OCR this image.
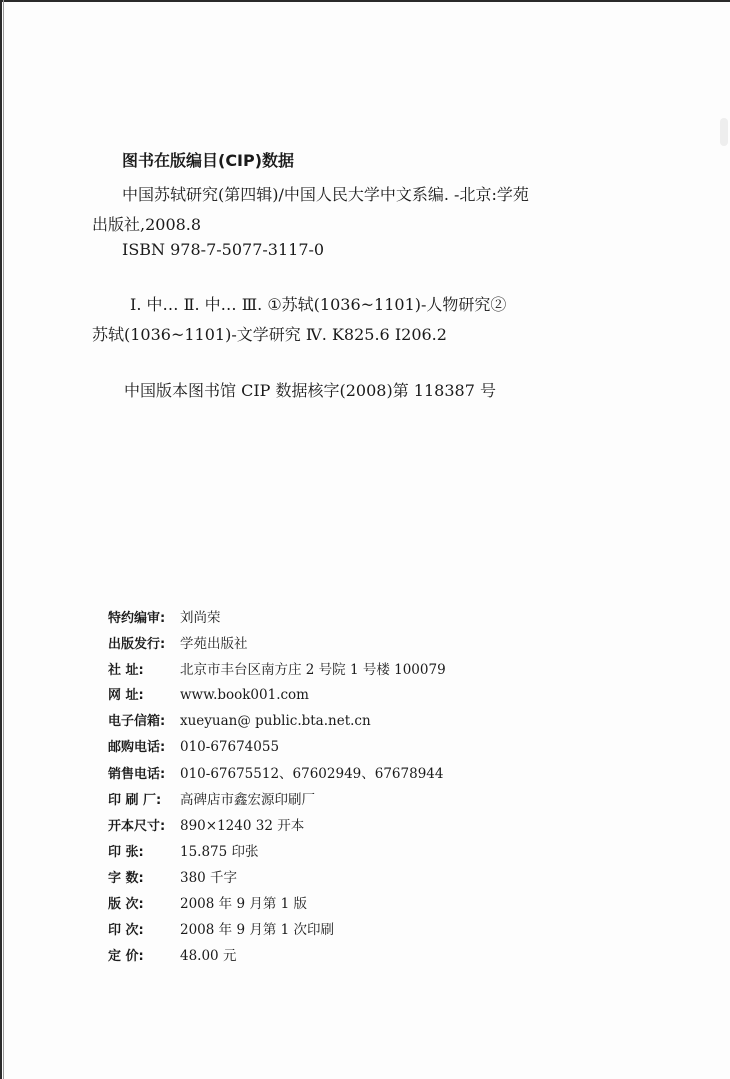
图书在版编目(CIP)数据
中国苏轼研究(第四辑)/中国人民大学中文系编. -北京:学苑
出版社,2008.8
ISBN 978-7-5077-3117-0
Ⅰ. 中… Ⅱ. 中… Ⅲ. ①苏轼(1036~1101)-人物研究②
苏轼(1036~1101)-文学研究 Ⅳ. K825.6 I206.2
中国版本图书馆 CIP 数据核字(2008)第 118387 号
特约编审: 刘尚荣
出版发行: 学苑出版社
社 址:	北京市丰台区南方庄 2 号院 1 号楼 100079
网 址:	www.book001.com
电子信箱: xueyuan@ public.bta.net.cn
邮购电话: 010-67674055
销售电话: 010-67675512、67602949、67678944
印 刷 厂: 高碑店市鑫宏源印刷厂
开本尺寸: 890×1240 32 开本
印 张:	15.875 印张
字 数:	380 千字
版 次:	2008 年 9 月第 1 版
印 次:	2008 年 9 月第 1 次印刷
定 价:	48.00 元
